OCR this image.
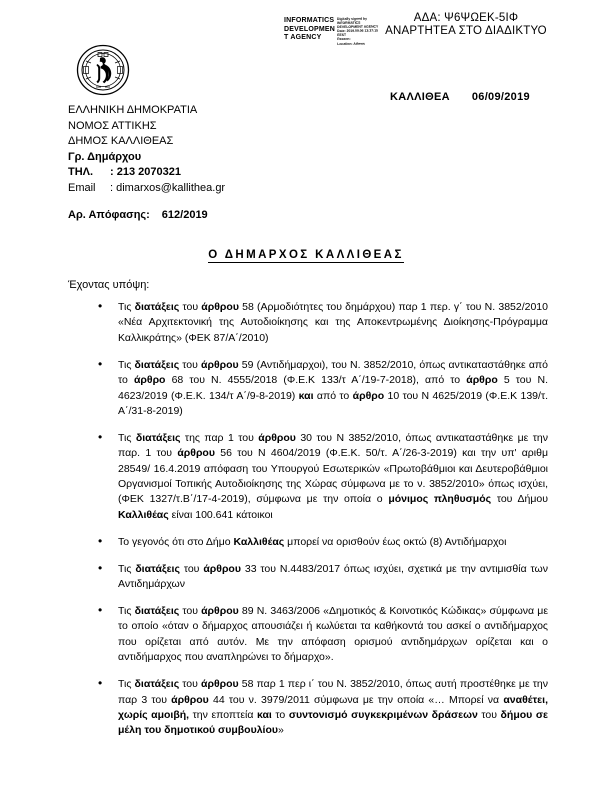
ΑΔΑ: Ψ6ΨΩΕΚ-5ΙΦ
ΑΝΑΡΤΗΤΕΑ ΣΤΟ ΔΙΑΔΙΚΤΥΟ
INFORMATICS
DEVELOPMEN
T AGENCY
Digitally signed by
INFORMATICS
DEVELOPMENT AGENCY
Date: 2019.09.06 13:37:15
EEST
Reason:
Location: Athens
ΕΛΛΗΝΙΚΗ ΔΗΜΟΚΡΑΤΙΑ
ΝΟΜΟΣ ΑΤΤΙΚΗΣ
ΔΗΜΟΣ ΚΑΛΛΙΘΕΑΣ
Γρ. Δημάρχου
ΤΗΛ. : 213 2070321
Email : dimarxos@kallithea.gr
ΚΑΛΛΙΘΕΑ 06/09/2019
Αρ. Απόφασης: 612/2019
Ο ΔΗΜΑΡΧΟΣ ΚΑΛΛΙΘΕΑΣ
Έχοντας υπόψη:
• Τις διατάξεις του άρθρου 58 (Αρμοδιότητες του δημάρχου) παρ 1 περ. γ΄ του Ν. 3852/2010 «Νέα Αρχιτεκτονική της Αυτοδιοίκησης και της Αποκεντρωμένης Διοίκησης-Πρόγραμμα Καλλικράτης» (ΦΕΚ 87/Α΄/2010)
• Τις διατάξεις του άρθρου 59 (Αντιδήμαρχοι), του Ν. 3852/2010, όπως αντικαταστάθηκε από το άρθρο 68 του Ν. 4555/2018 (Φ.Ε.Κ 133/τ Α΄/19-7-2018), από το άρθρο 5 του Ν. 4623/2019 (Φ.Ε.Κ. 134/τ Α΄/9-8-2019) και από το άρθρο 10 του Ν 4625/2019 (Φ.Ε.Κ 139/τ. Α΄/31-8-2019)
• Τις διατάξεις της παρ 1 του άρθρου 30 του Ν 3852/2010, όπως αντικαταστάθηκε με την παρ. 1 του άρθρου 56 του Ν 4604/2019 (Φ.Ε.Κ. 50/τ. Α΄/26-3-2019) και την υπ' αριθμ 28549/ 16.4.2019 απόφαση του Υπουργού Εσωτερικών «Πρωτοβάθμιοι και Δευτεροβάθμιοι Οργανισμοί Τοπικής Αυτοδιοίκησης της Χώρας σύμφωνα με το ν. 3852/2010» όπως ισχύει, (ΦΕΚ 1327/τ.Β΄/17-4-2019), σύμφωνα με την οποία ο μόνιμος πληθυσμός του Δήμου Καλλιθέας είναι 100.641 κάτοικοι
• Το γεγονός ότι στο Δήμο Καλλιθέας μπορεί να ορισθούν έως οκτώ (8) Αντιδήμαρχοι
• Τις διατάξεις του άρθρου 33 του Ν.4483/2017 όπως ισχύει, σχετικά με την αντιμισθία των Αντιδημάρχων
• Τις διατάξεις του άρθρου 89 Ν. 3463/2006 «Δημοτικός & Κοινοτικός Κώδικας» σύμφωνα με το οποίο «όταν ο δήμαρχος απουσιάζει ή κωλύεται τα καθήκοντά του ασκεί ο αντιδήμαρχος που ορίζεται από αυτόν. Με την απόφαση ορισμού αντιδημάρχων ορίζεται και ο αντιδήμαρχος που αναπληρώνει το δήμαρχο».
• Τις διατάξεις του άρθρου 58 παρ 1 περ ι΄ του Ν. 3852/2010, όπως αυτή προστέθηκε με την παρ 3 του άρθρου 44 του ν. 3979/2011 σύμφωνα με την οποία «… Μπορεί να αναθέτει, χωρίς αμοιβή, την εποπτεία και το συντονισμό συγκεκριμένων δράσεων του δήμου σε μέλη του δημοτικού συμβουλίου»
